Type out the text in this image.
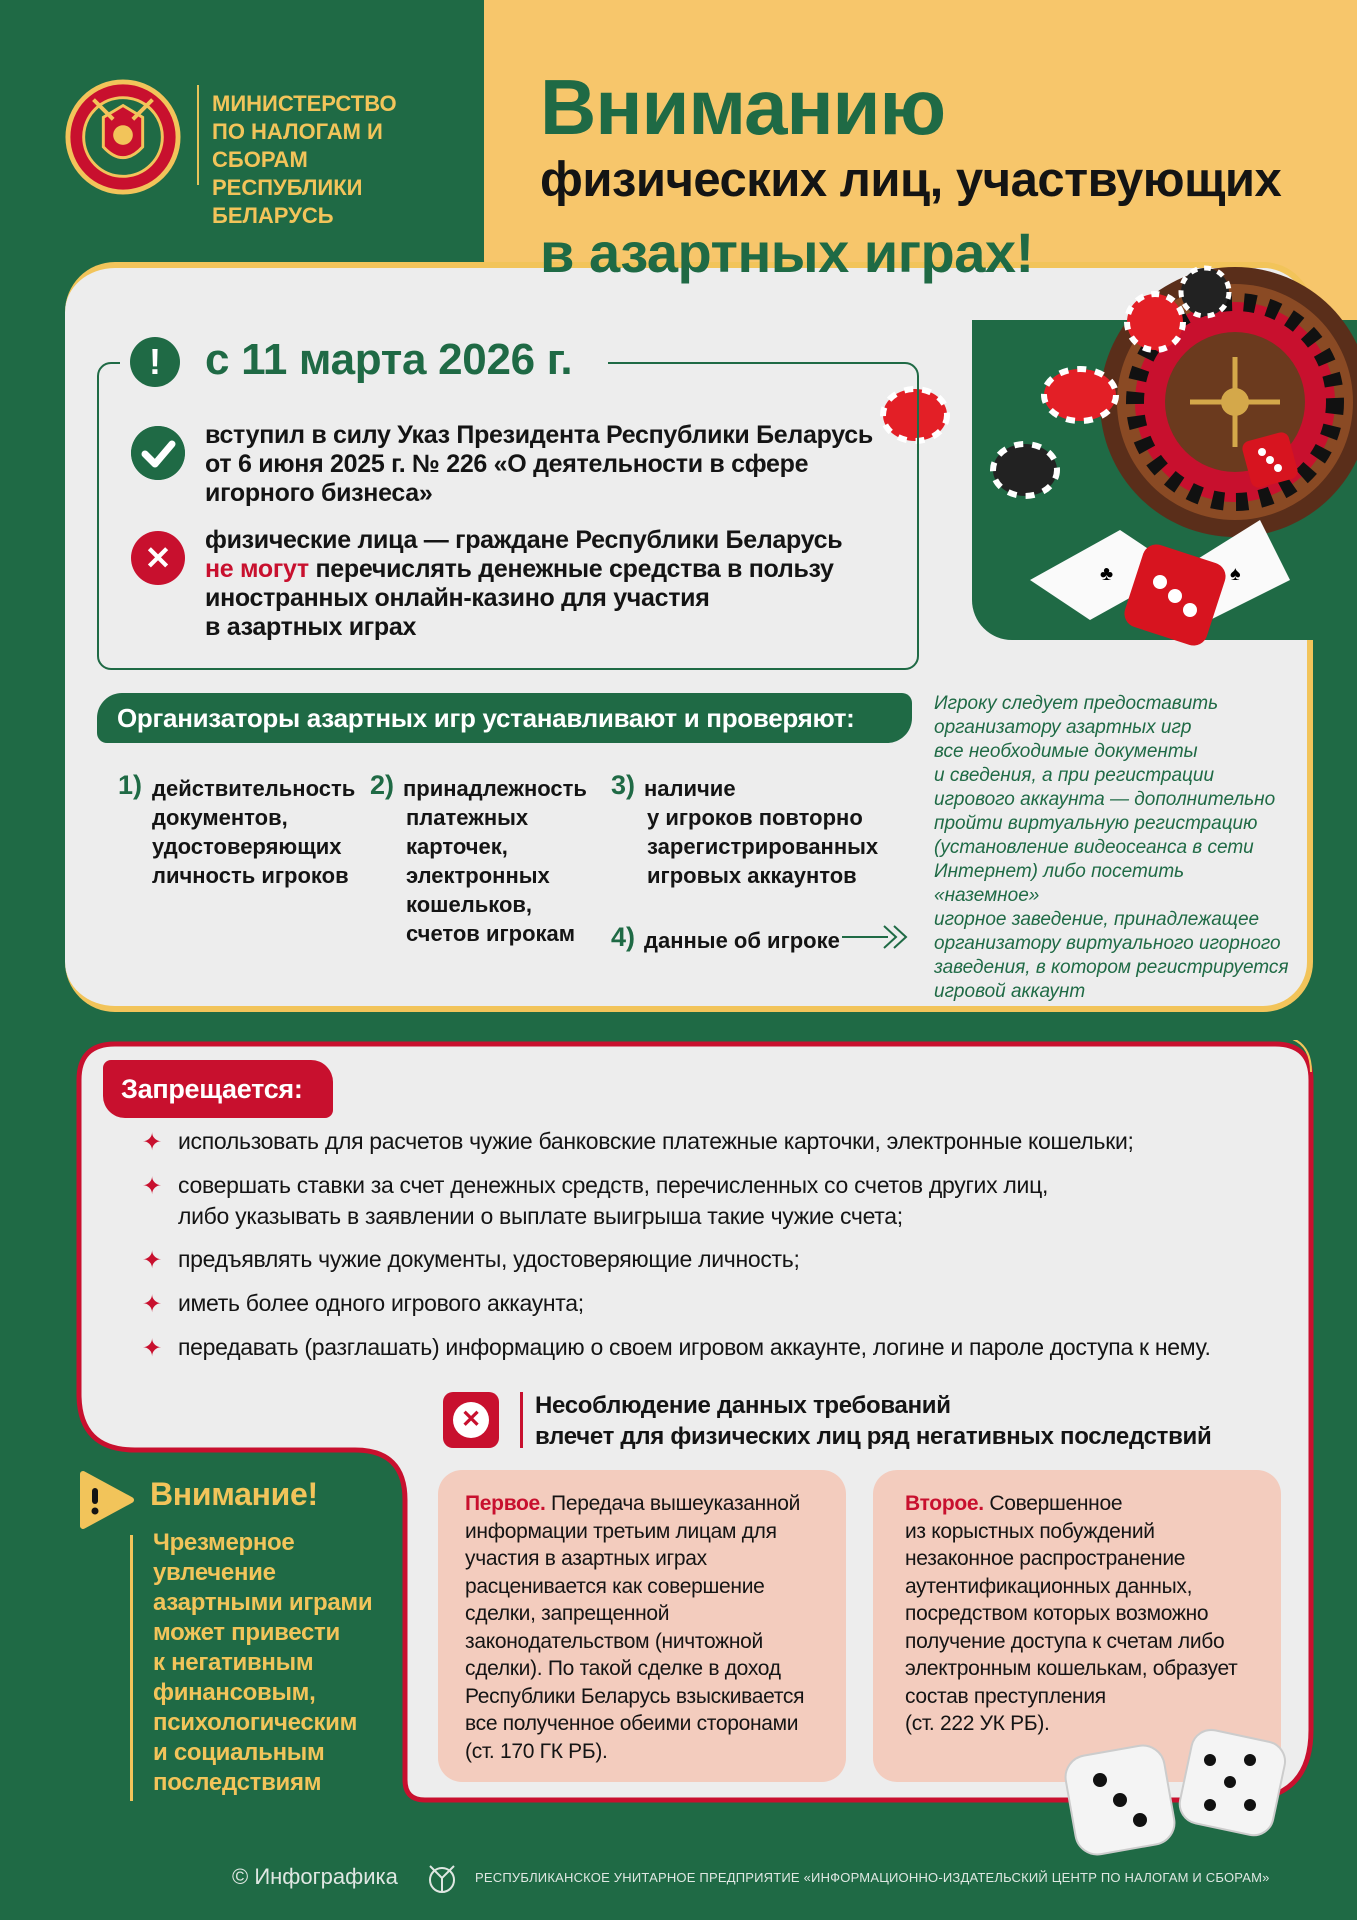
МИНИСТЕРСТВО
ПО НАЛОГАМ И СБОРАМ
РЕСПУБЛИКИ БЕЛАРУСЬ
Вниманию
физических лиц, участвующих
в азартных играх!
♣	♠
!	с 11 марта 2026 г.
вступил в силу Указ Президента Республики Беларусь
от 6 июня 2025 г. № 226 «О деятельности в сфере
игорного бизнеса»
✕	физические лица — граждане Республики Беларусь
не могут перечислять денежные средства в пользу
иностранных онлайн-казино для участия
в азартных играх
Организаторы азартных игр устанавливают и проверяют:
1) действительность
документов,
удостоверяющих
личность игроков
2) принадлежность
платежных
карточек,
электронных
кошельков,
счетов игрокам
3) наличие
у игроков повторно
зарегистрированных
игровых аккаунтов
4) данные об игроке
Игроку следует предоставить
организатору азартных игр
все необходимые документы
и сведения, а при регистрации
игрового аккаунта — дополнительно
пройти виртуальную регистрацию
(установление видеосеанса в сети
Интернет) либо посетить «наземное»
игорное заведение, принадлежащее
организатору виртуального игорного
заведения, в котором регистрируется
игровой аккаунт
Запрещается:
✦ использовать для расчетов чужие банковские платежные карточки, электронные кошельки;
✦ совершать ставки за счет денежных средств, перечисленных со счетов других лиц,
либо указывать в заявлении о выплате выигрыша такие чужие счета;
✦ предъявлять чужие документы, удостоверяющие личность;
✦ иметь более одного игрового аккаунта;
✦ передавать (разглашать) информацию о своем игровом аккаунте, логине и пароле доступа к нему.
✕
Несоблюдение данных требований
влечет для физических лиц ряд негативных последствий
Первое. Передача вышеуказанной
информации третьим лицам для
участия в азартных играх
расценивается как совершение
сделки, запрещенной
законодательством (ничтожной
сделки). По такой сделке в доход
Республики Беларусь взыскивается
все полученное обеими сторонами
(ст. 170 ГК РБ).
Второе. Совершенное
из корыстных побуждений
незаконное распространение
аутентификационных данных,
посредством которых возможно
получение доступа к счетам либо
электронным кошелькам, образует
состав преступления
(ст. 222 УК РБ).
Внимание!
Чрезмерное
увлечение
азартными играми
может привести
к негативным
финансовым,
психологическим
и социальным
последствиям
© Инфографика	РЕСПУБЛИКАНСКОЕ УНИТАРНОЕ ПРЕДПРИЯТИЕ «ИНФОРМАЦИОННО-ИЗДАТЕЛЬСКИЙ ЦЕНТР ПО НАЛОГАМ И СБОРАМ»
